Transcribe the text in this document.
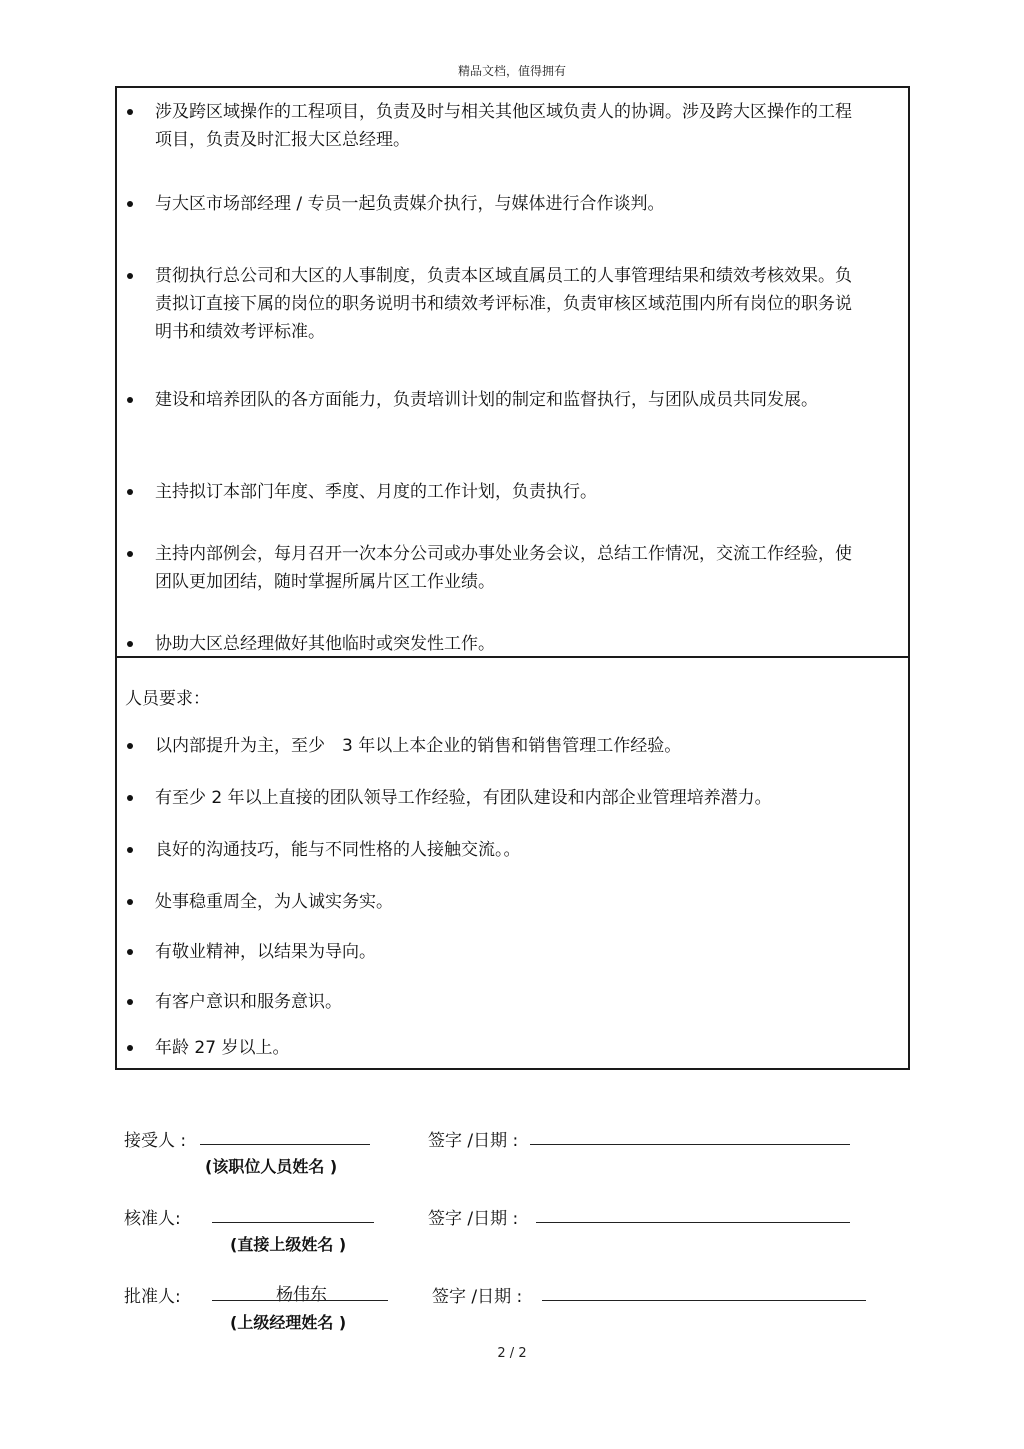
精品文档，值得拥有
涉及跨区域操作的工程项目，负责及时与相关其他区域负责人的协调。涉及跨大区操作的工程项目，负责及时汇报大区总经理。
与大区市场部经理 / 专员一起负责媒介执行，与媒体进行合作谈判。
贯彻执行总公司和大区的人事制度，负责本区域直属员工的人事管理结果和绩效考核效果。负责拟订直接下属的岗位的职务说明书和绩效考评标准，负责审核区域范围内所有岗位的职务说明书和绩效考评标准。
建设和培养团队的各方面能力，负责培训计划的制定和监督执行，与团队成员共同发展。
主持拟订本部门年度、季度、月度的工作计划，负责执行。
主持内部例会，每月召开一次本分公司或办事处业务会议，总结工作情况，交流工作经验，使团队更加团结，随时掌握所属片区工作业绩。
协助大区总经理做好其他临时或突发性工作。
人员要求：
以内部提升为主，至少　3 年以上本企业的销售和销售管理工作经验。
有至少 2 年以上直接的团队领导工作经验，有团队建设和内部企业管理培养潜力。
良好的沟通技巧，能与不同性格的人接触交流。。
处事稳重周全，为人诚实务实。
有敬业精神，以结果为导向。
有客户意识和服务意识。
年龄 27 岁以上。
接受人 :
(该职位人员姓名 )
签字 /日期 :
核准人:
(直接上级姓名 )
签字 /日期 :
批准人:	杨伟东
(上级经理姓名 )
签字 /日期 :
2 / 2
